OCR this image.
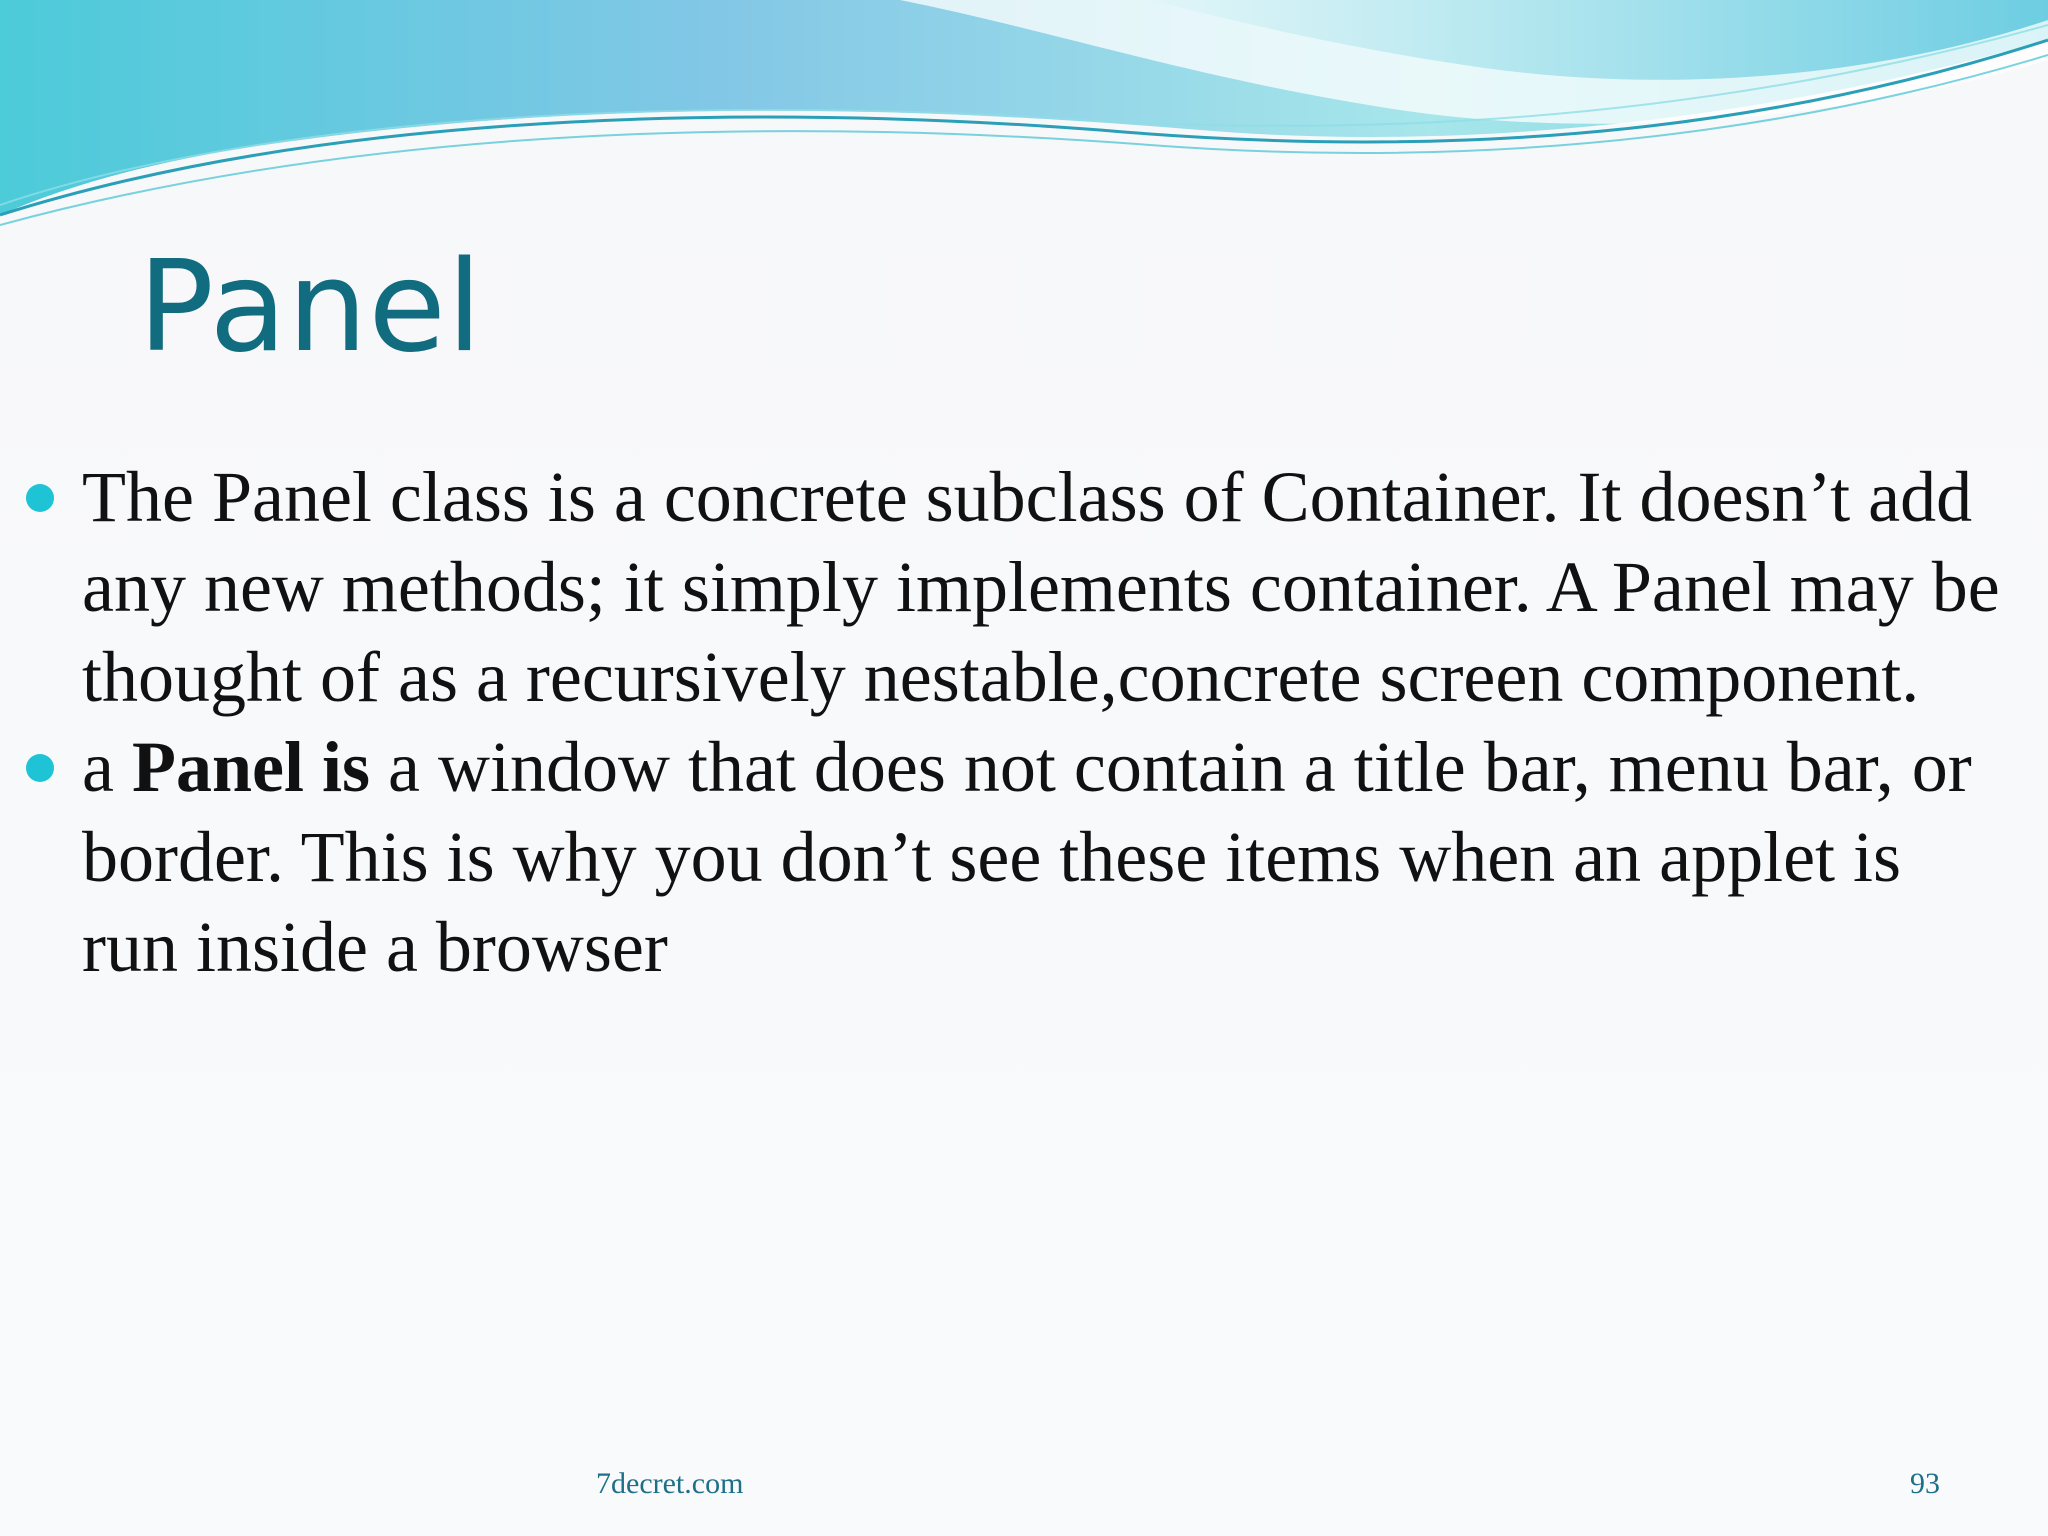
Panel
The Panel class is a concrete subclass of Container. It doesn’t add any new methods; it simply implements container. A Panel may be thought of as a recursively nestable,concrete screen component.
a Panel is a window that does not contain a title bar, menu bar, or border. This is why you don’t see these items when an applet is run inside a browser
7decret.com	93
